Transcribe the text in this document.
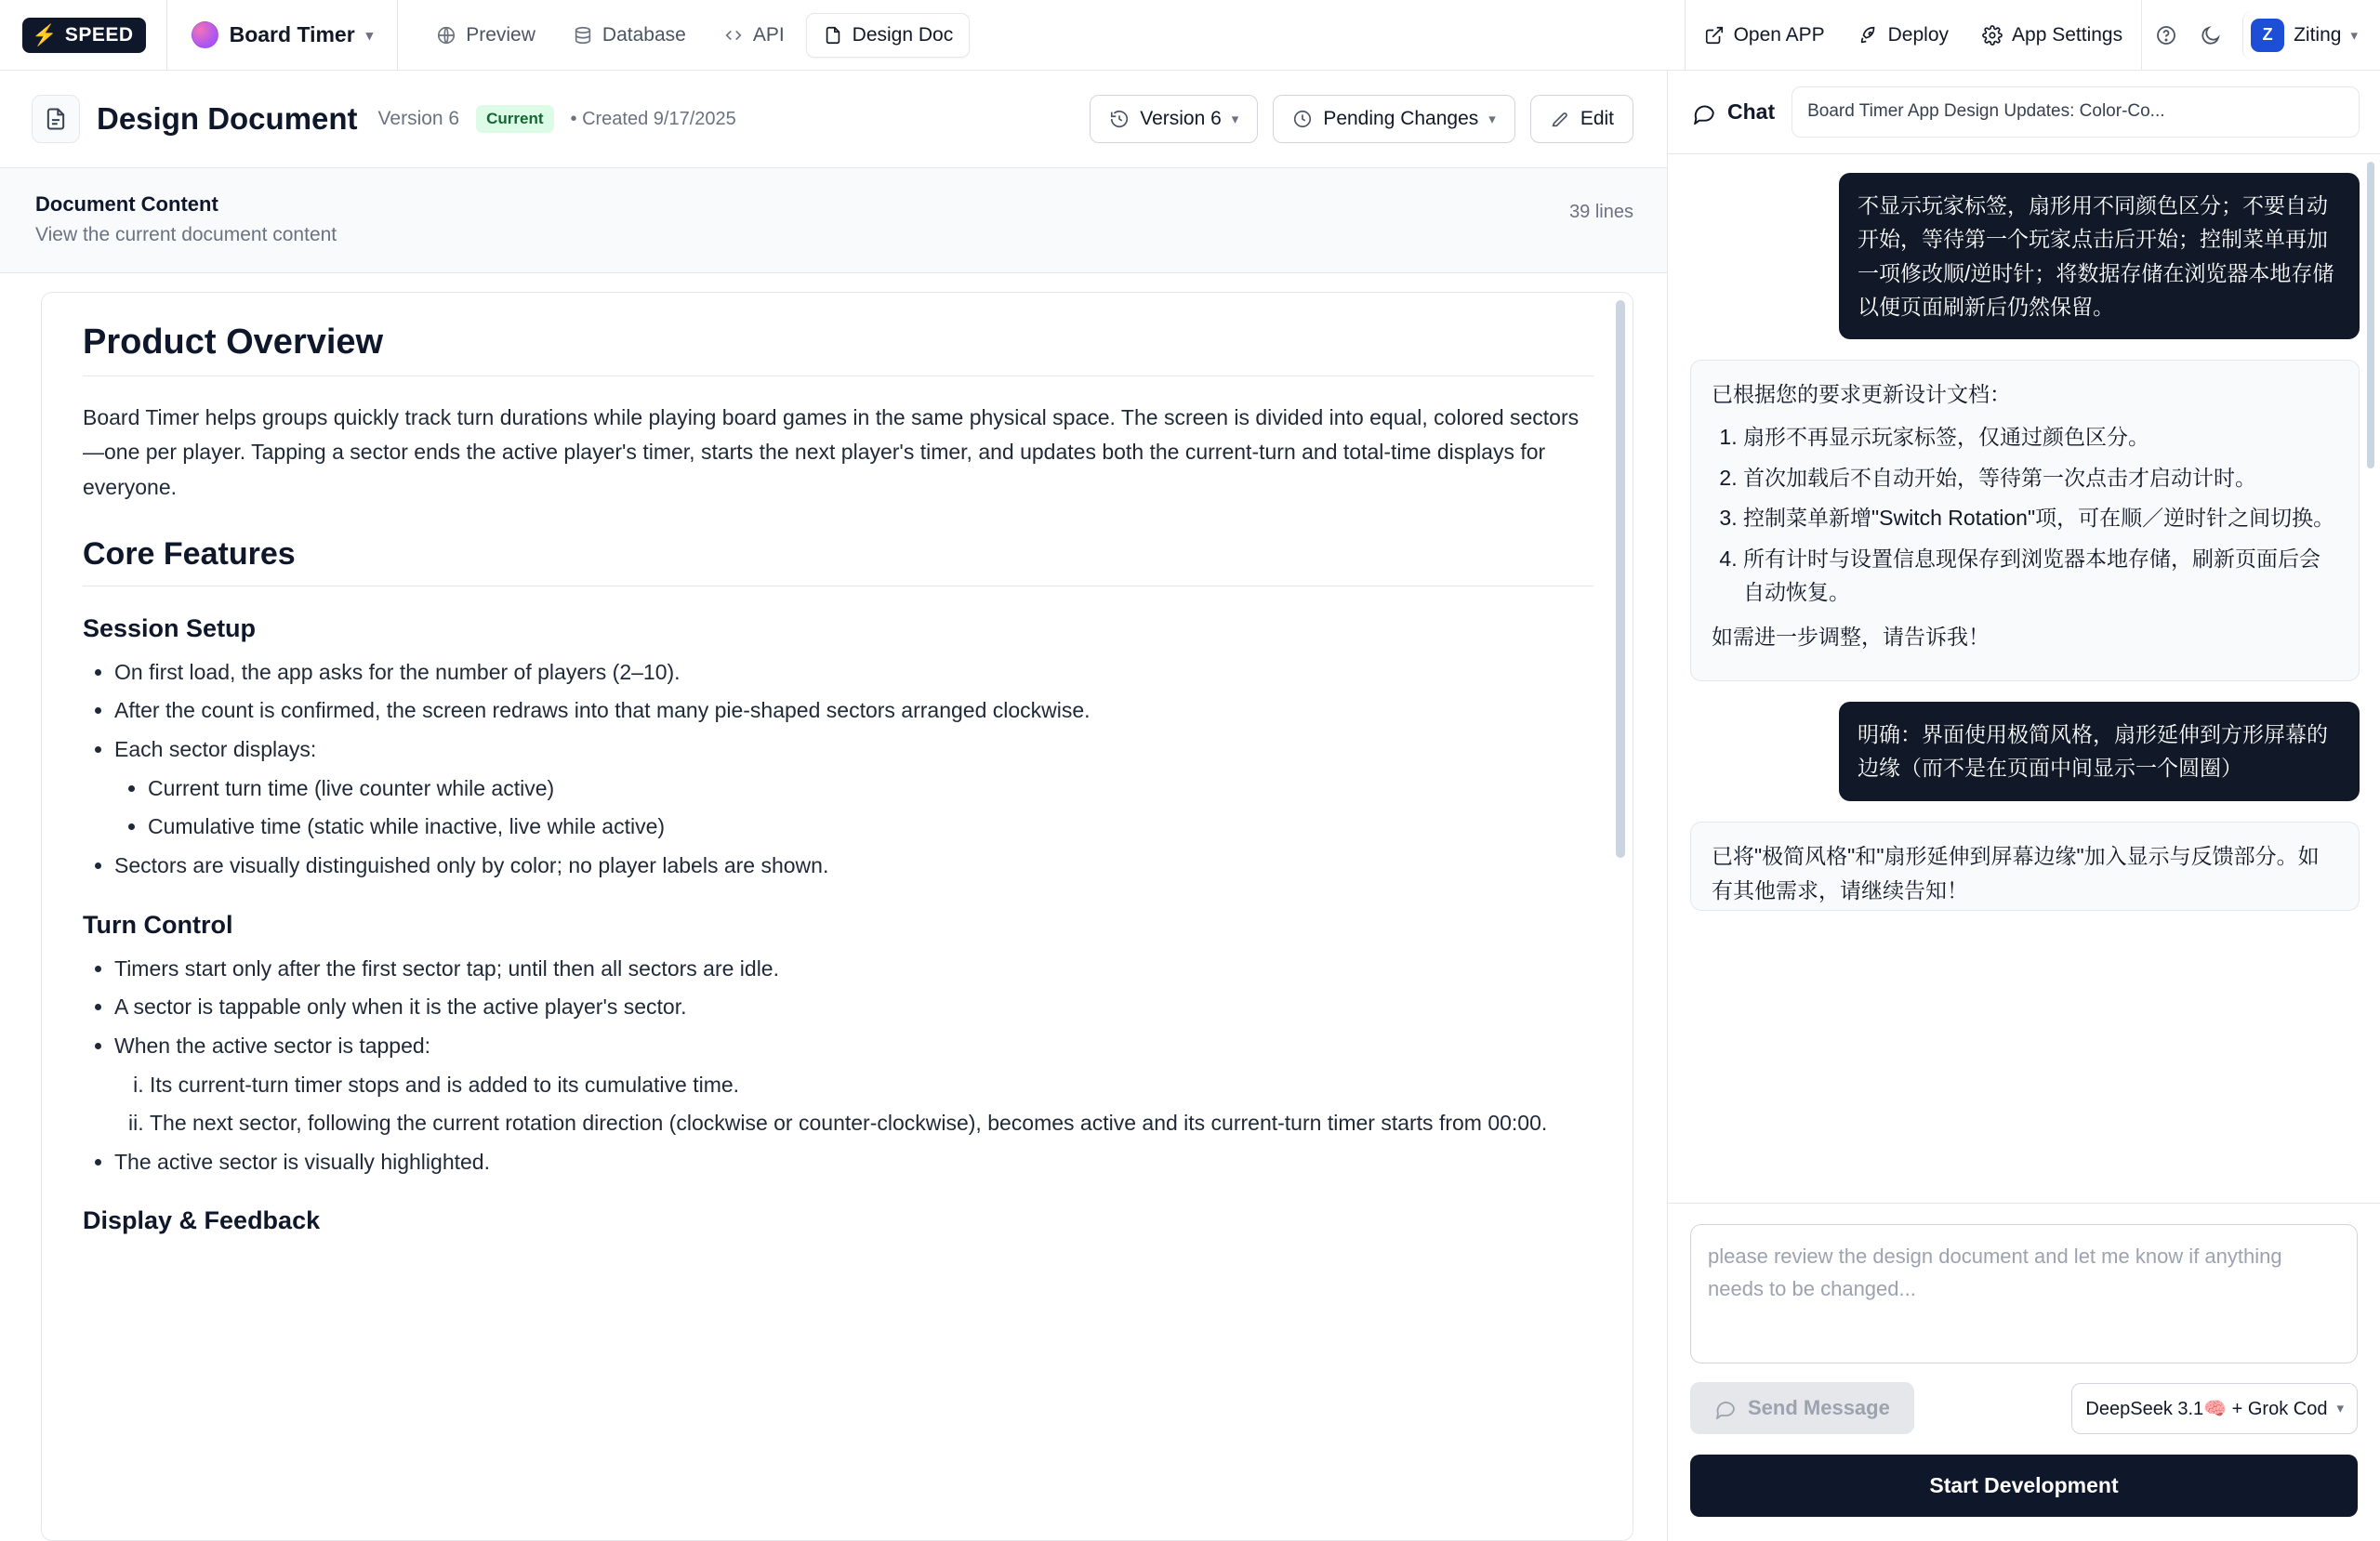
⚡ SPEED	Board Timer ▾	Preview	Database	API	Design Doc	Open APP	Deploy	App Settings	Z	Ziting ▾
Design Document Version 6	Current	• Created 9/17/2025	Version 6 ▾	Pending Changes ▾	Edit
Document Content
View the current document content
39 lines
Product Overview

Board Timer helps groups quickly track turn durations while playing board games in the same physical space. The screen is divided into equal, colored sectors—one per player. Tapping a sector ends the active player's timer, starts the next player's timer, and updates both the current-turn and total-time displays for everyone.

Core Features
Session Setup
• On first load, the app asks for the number of players (2–10).
• After the count is confirmed, the screen redraws into that many pie-shaped sectors arranged clockwise.
• Each sector displays:
• Current turn time (live counter while active)
• Cumulative time (static while inactive, live while active)
• Sectors are visually distinguished only by color; no player labels are shown.
Turn Control
• Timers start only after the first sector tap; until then all sectors are idle.
• A sector is tappable only when it is the active player's sector.
• When the active sector is tapped:
i. Its current-turn timer stops and is added to its cumulative time.
ii. The next sector, following the current rotation direction (clockwise or counter-clockwise), becomes active and its current-turn timer starts from 00:00.
• The active sector is visually highlighted.
Display & Feedback
Chat	Board Timer App Design Updates: Color-Co...
不显示玩家标签，扇形用不同颜色区分；不要自动开始，等待第一个玩家点击后开始；控制菜单再加一项修改顺/逆时针；将数据存储在浏览器本地存储以便页面刷新后仍然保留。

已根据您的要求更新设计文档：

1. 扇形不再显示玩家标签，仅通过颜色区分。
2. 首次加载后不自动开始，等待第一次点击才启动计时。
3. 控制菜单新增"Switch Rotation"项，可在顺／逆时针之间切换。
4. 所有计时与设置信息现保存到浏览器本地存储，刷新页面后会自动恢复。

如需进一步调整，请告诉我！

明确：界面使用极简风格，扇形延伸到方形屏幕的边缘（而不是在页面中间显示一个圆圈）
已将"极简风格"和"扇形延伸到屏幕边缘"加入显示与反馈部分。如有其他需求，请继续告知！
please review the design document and let me know if anything needs to be changed...
Send Message	DeepSeek 3.1🧠 + Grok Cod ▾
Start Development
